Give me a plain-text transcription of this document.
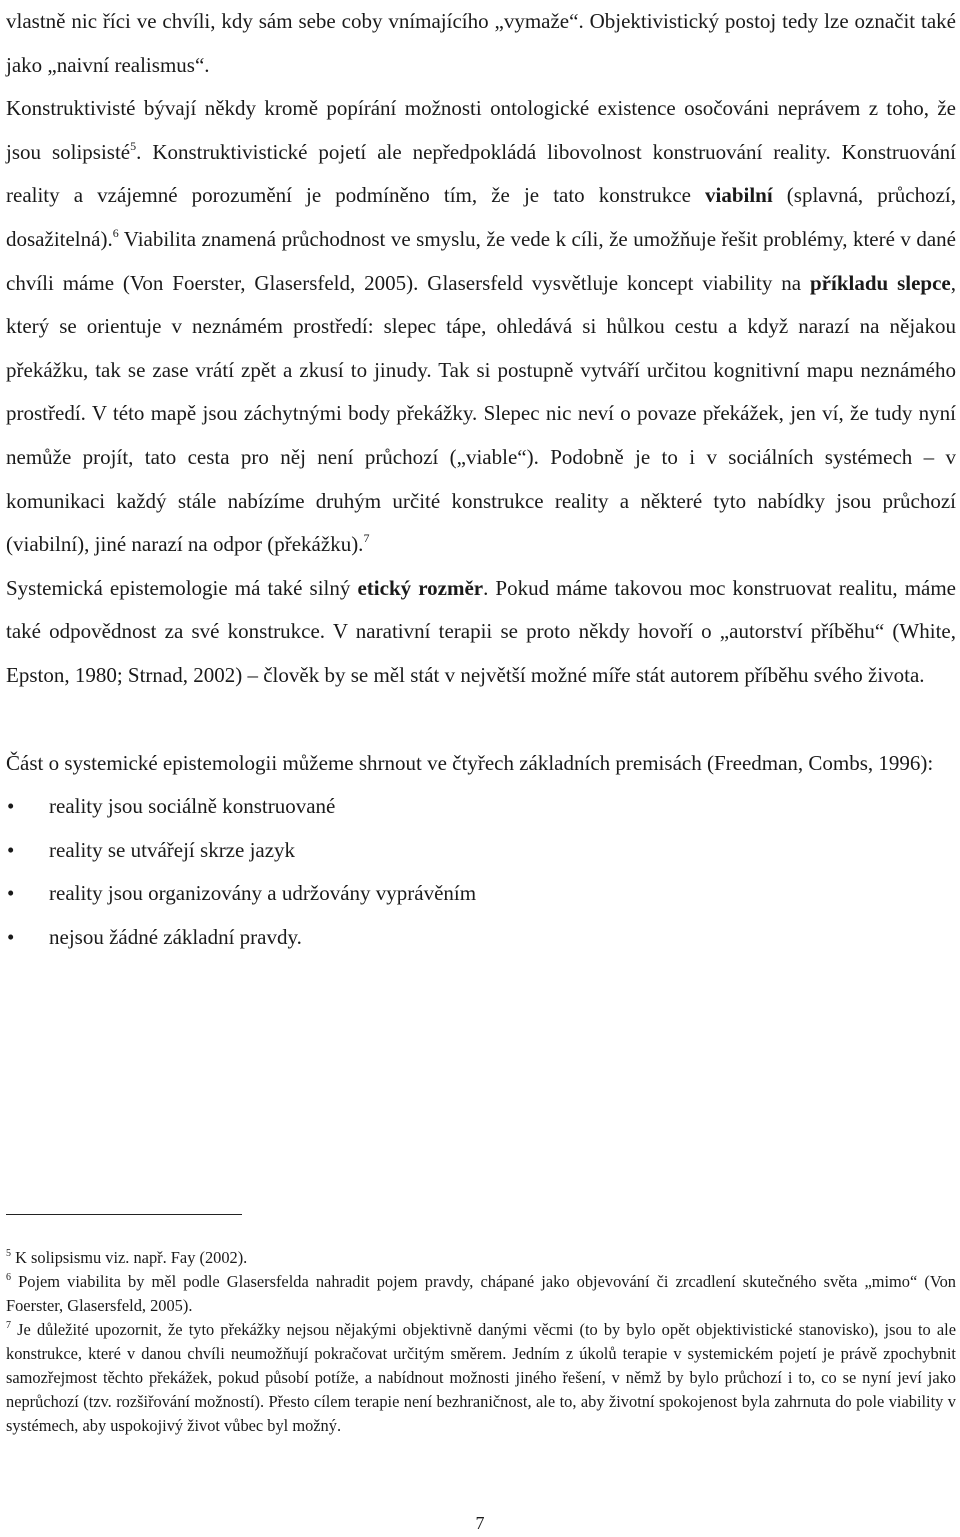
vlastně nic říci ve chvíli, kdy sám sebe coby vnímajícího „vymaže“. Objektivistický postoj tedy lze označit také jako „naivní realismus“.

Konstruktivisté bývají někdy kromě popírání možnosti ontologické existence osočováni neprávem z toho, že jsou solipsisté$^5$. Konstruktivistické pojetí ale nepředpokládá libovolnost konstruování reality. Konstruování reality a vzájemné porozumění je podmíněno tím, že je tato konstrukce viabilní (splavná, průchozí, dosažitelná).$^6$ Viabilita znamená průchodnost ve smyslu, že vede k cíli, že umožňuje řešit problémy, které v dané chvíli máme (Von Foerster, Glasersfeld, 2005). Glasersfeld vysvětluje koncept viability na příkladu slepce, který se orientuje v neznámém prostředí: slepec tápe, ohledává si hůlkou cestu a když narazí na nějakou překážku, tak se zase vrátí zpět a zkusí to jinudy. Tak si postupně vytváří určitou kognitivní mapu neznámého prostředí. V této mapě jsou záchytnými body překážky. Slepec nic neví o povaze překážek, jen ví, že tudy nyní nemůže projít, tato cesta pro něj není průchozí („viable“). Podobně je to i v sociálních systémech – v komunikaci každý stále nabízíme druhým určité konstrukce reality a některé tyto nabídky jsou průchozí (viabilní), jiné narazí na odpor (překážku).$^7$

Systemická epistemologie má také silný etický rozměr. Pokud máme takovou moc konstruovat realitu, máme také odpovědnost za své konstrukce. V narativní terapii se proto někdy hovoří o „autorství příběhu“ (White, Epston, 1980; Strnad, 2002) – člověk by se měl stát v největší možné míře stát autorem příběhu svého života.

Část o systemické epistemologii můžeme shrnout ve čtyřech základních premisách (Freedman, Combs, 1996):

• reality jsou sociálně konstruované
• reality se utvářejí skrze jazyk
• reality jsou organizovány a udržovány vyprávěním
• nejsou žádné základní pravdy.

$^5$ K solipsismu viz. např. Fay (2002).

$^6$ Pojem viabilita by měl podle Glasersfelda nahradit pojem pravdy, chápané jako objevování či zrcadlení skutečného světa „mimo“ (Von Foerster, Glasersfeld, 2005).

$^7$ Je důležité upozornit, že tyto překážky nejsou nějakými objektivně danými věcmi (to by bylo opět objektivistické stanovisko), jsou to ale konstrukce, které v danou chvíli neumožňují pokračovat určitým směrem. Jedním z úkolů terapie v systemickém pojetí je právě zpochybnit samozřejmost těchto překážek, pokud působí potíže, a nabídnout možnosti jiného řešení, v němž by bylo průchozí i to, co se nyní jeví jako neprůchozí (tzv. rozšiřování možností). Přesto cílem terapie není bezhraničnost, ale to, aby životní spokojenost byla zahrnuta do pole viability v systémech, aby uspokojivý život vůbec byl možný.

7
